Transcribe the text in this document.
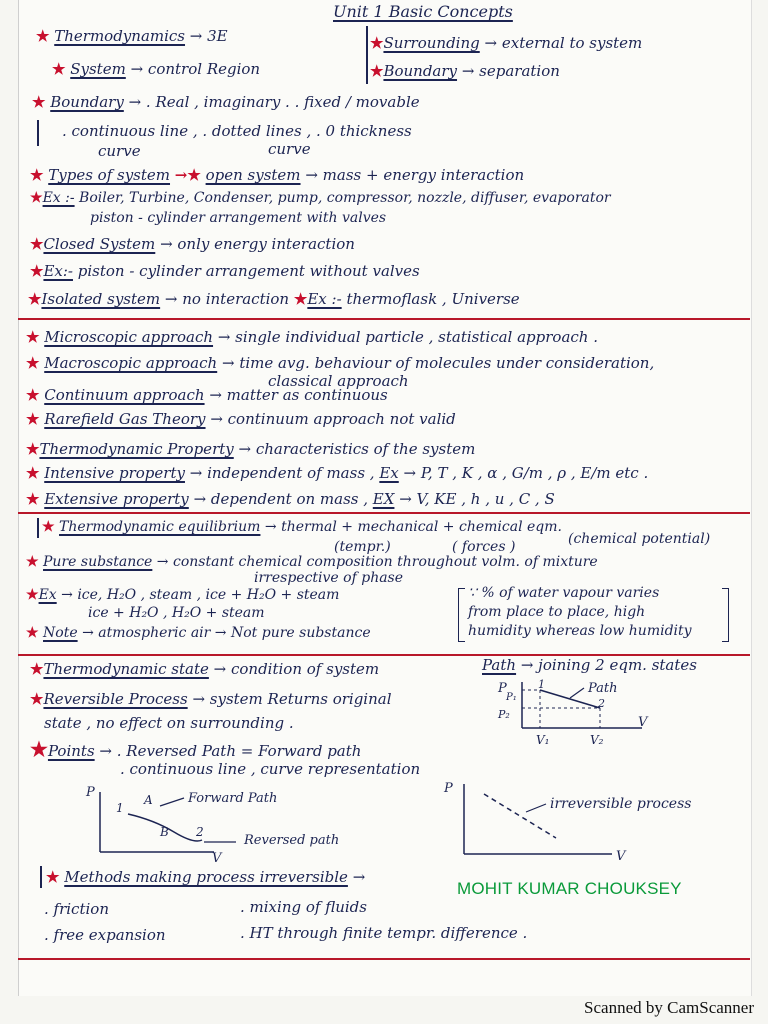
Unit 1 Basic Concepts
★ Thermodynamics → 3E
★ System → control Region
★Surrounding → external to system
★Boundary → separation
★ Boundary → . Real , imaginary . . fixed / movable
. continuous line , . dotted lines , . 0 thickness
curve	curve
★ Types of system →★ open system → mass + energy interaction
★Ex :- Boiler, Turbine, Condenser, pump, compressor, nozzle, diffuser, evaporator
piston - cylinder arrangement with valves
★Closed System → only energy interaction
★Ex:- piston - cylinder arrangement without valves
★Isolated system → no interaction ★Ex :- thermoflask , Universe
★ Microscopic approach → single individual particle , statistical approach .
★ Macroscopic approach → time avg. behaviour of molecules under consideration,
classical approach
★ Continuum approach → matter as continuous
★ Rarefield Gas Theory → continuum approach not valid
★Thermodynamic Property → characteristics of the system
★ Intensive property → independent of mass , Ex → P, T , K , α , G/m , ρ , E/m etc .
★ Extensive property → dependent on mass , EX → V, KE , h , u , C , S
★ Thermodynamic equilibrium → thermal + mechanical + chemical eqm.
(tempr.)	( forces )	(chemical potential)
★ Pure substance → constant chemical composition throughout volm. of mixture
irrespective of phase
★Ex → ice, H₂O , steam , ice + H₂O + steam
ice + H₂O , H₂O + steam
★ Note → atmospheric air → Not pure substance
∵ % of water vapour varies
from place to place, high
humidity whereas low humidity
★Thermodynamic state → condition of system	Path → joining 2 eqm. states
★Reversible Process → system Returns original
state , no effect on surrounding .
★Points → . Reversed Path = Forward path
. continuous line , curve representation
P
P₁
P₂
1
2
Path
V
V₁	V₂
P
1
A
B 2
Forward Path
Reversed path
V
P
irreversible process
V
★ Methods making process irreversible →
MOHIT KUMAR CHOUKSEY
. friction	. mixing of fluids
. free expansion	. HT through finite tempr. difference .
Scanned by CamScanner
